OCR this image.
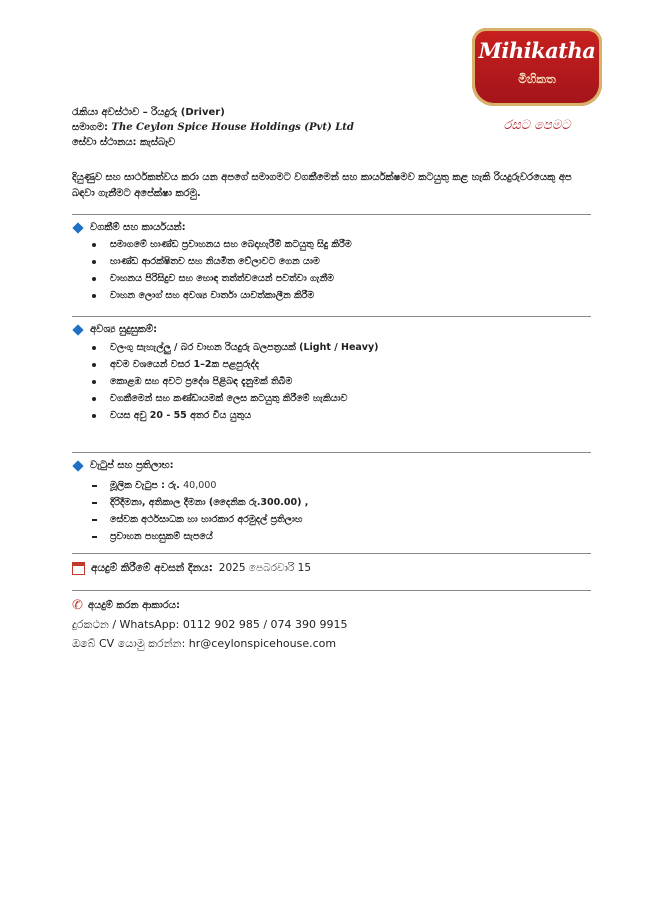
Mihikatha
මිහිකත
රසට පෙමට
රැකියා අවස්ථාව – රියදුරු (Driver)
සමාගම: The Ceylon Spice House Holdings (Pvt) Ltd
සේවා ස්ථානය: කැස්බෑව
දියුණුව සහ සාර්ථකත්වය කරා යන අපගේ සමාගමට වගකීමෙන් සහ කාර්යක්ෂමව කටයුතු කළ හැකි රියදුරුවරයෙකු අප බඳවා ගැනීමට අපේක්ෂා කරමු.
වගකීම් සහ කාර්යයන්:
සමාගමේ භාණ්ඩ ප්‍රවාහනය සහ බෙදාහැරීම් කටයුතු සිදු කිරීම
භාණ්ඩ ආරක්ෂිතව සහ නියමිත වේලාවට ගෙන යාම
වාහනය පිරිසිදුව සහ හොඳ තත්ත්වයෙන් පවත්වා ගැනීම
වාහන ලොග් සහ අවශ්‍ය වාර්තා යාවත්කාලීන කිරීම
අවශ්‍ය සුදුසුකම්:
වලංගු සැහැල්ලු / බර වාහන රියදුරු බලපත්‍රයක් (Light / Heavy)
අවම වශයෙන් වසර 1–2ක පළපුරුද්ද
කොළඹ සහ අවට ප්‍රදේශ පිළිබඳ දැනුමක් තිබීම
වගකීමෙන් සහ කණ්ඩායමක් ලෙස කටයුතු කිරීමේ හැකියාව
වයස අවු 20 - 55 අතර විය යුතුය
වැටුප් සහ ප්‍රතිලාභ:
මූලික වැටුප : රු. 40,000
දිරිදීමනා, අතිකාල දීමනා (දෛනික රු.300.00) ,
සේවක අර්ථසාධක හා භාරකාර අරමුදල් ප්‍රතිලාභ
ප්‍රවාහන පහසුකම් සැපයේ
අයදුම් කිරීමේ අවසන් දිනය: 2025 පෙබරවාරි 15
✆ අයදුම් කරන ආකාරය:
දුරකථන / WhatsApp: 0112 902 985 / 074 390 9915
ඔබේ CV යොමු කරන්න: hr@ceylonspicehouse.com
